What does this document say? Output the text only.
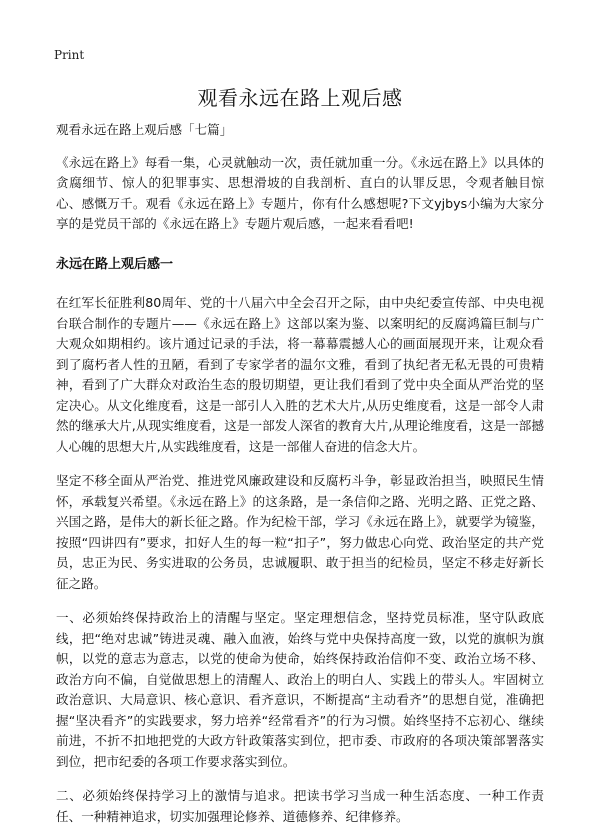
Print
观看永远在路上观后感

观看永远在路上观后感「七篇」

《永远在路上》每看一集，心灵就触动一次，责任就加重一分。《永远在路上》以具体的贪腐细节、惊人的犯罪事实、思想滑坡的自我剖析、直白的认罪反思，令观者触目惊心、感慨万千。观看《永远在路上》专题片，你有什么感想呢?下文yjbys小编为大家分享的是党员干部的《永远在路上》专题片观后感，一起来看看吧!

永远在路上观后感一

在红军长征胜利80周年、党的十八届六中全会召开之际，由中央纪委宣传部、中央电视台联合制作的专题片——《永远在路上》这部以案为鉴、以案明纪的反腐鸿篇巨制与广大观众如期相约。该片通过记录的手法，将一幕幕震撼人心的画面展现开来，让观众看到了腐朽者人性的丑陋，看到了专家学者的温尔文雅，看到了执纪者无私无畏的可贵精神，看到了广大群众对政治生态的殷切期望，更让我们看到了党中央全面从严治党的坚定决心。从文化维度看，这是一部引人入胜的艺术大片,从历史维度看，这是一部令人肃然的继承大片,从现实维度看，这是一部发人深省的教育大片,从理论维度看，这是一部撼人心魄的思想大片,从实践维度看，这是一部催人奋进的信念大片。

坚定不移全面从严治党、推进党风廉政建设和反腐朽斗争，彰显政治担当，映照民生情怀，承载复兴希望。《永远在路上》的这条路，是一条信仰之路、光明之路、正党之路、兴国之路，是伟大的新长征之路。作为纪检干部，学习《永远在路上》，就要学为镜鉴，按照“四讲四有”要求，扣好人生的每一粒“扣子”，努力做忠心向党、政治坚定的共产党员，忠正为民、务实进取的公务员，忠诚履职、敢于担当的纪检员，坚定不移走好新长征之路。

一、必须始终保持政治上的清醒与坚定。坚定理想信念，坚持党员标准，坚守队政底线，把“绝对忠诚”铸进灵魂、融入血液，始终与党中央保持高度一致，以党的旗帜为旗帜，以党的意志为意志，以党的使命为使命，始终保持政治信仰不变、政治立场不移、政治方向不偏，自觉做思想上的清醒人、政治上的明白人、实践上的带头人。牢固树立政治意识、大局意识、核心意识、看齐意识，不断提高“主动看齐”的思想自觉，准确把握“坚决看齐”的实践要求，努力培养“经常看齐”的行为习惯。始终坚持不忘初心、继续前进，不折不扣地把党的大政方针政策落实到位，把市委、市政府的各项决策部署落实到位，把市纪委的各项工作要求落实到位。

二、必须始终保持学习上的激情与追求。把读书学习当成一种生活态度、一种工作责任、一种精神追求，切实加强理论修养、道德修养、纪律修养。
